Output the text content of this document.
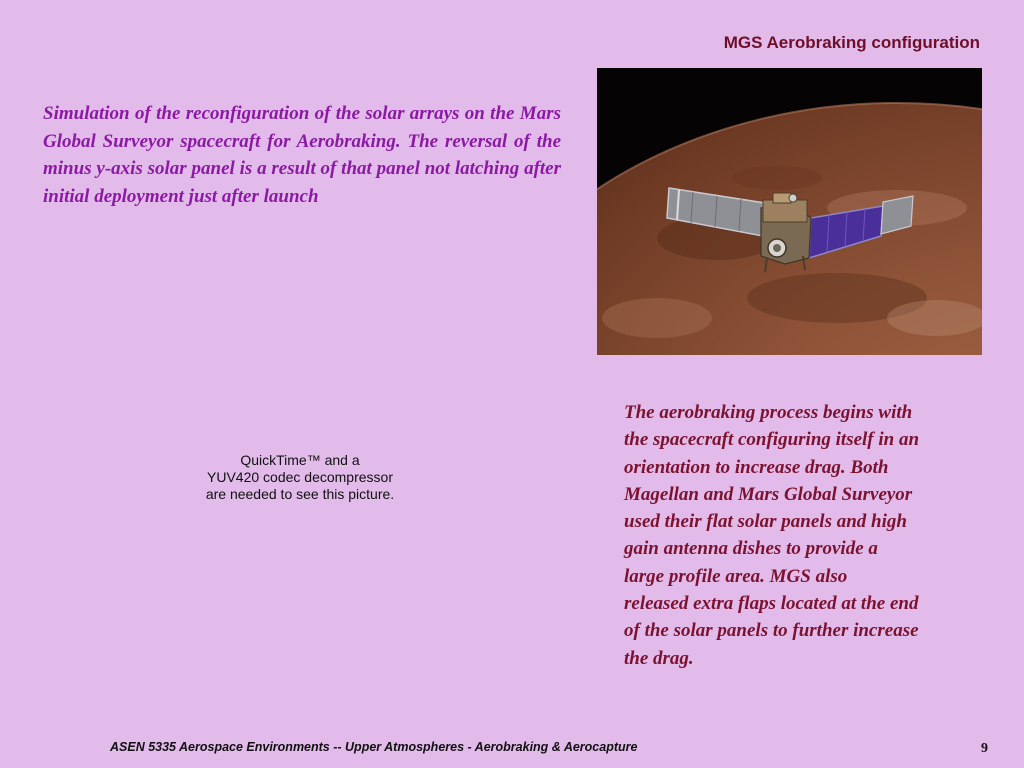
MGS Aerobraking configuration
Simulation of the reconfiguration of the solar arrays on the Mars Global Surveyor spacecraft for Aerobraking. The reversal of the minus y-axis solar panel is a result of that panel not latching after initial deployment just after launch
QuickTime™ and a
YUV420 codec decompressor
are needed to see this picture.
The aerobraking process begins with
the spacecraft configuring itself in an
orientation to increase drag. Both
Magellan and Mars Global Surveyor
used their flat solar panels and high
gain antenna dishes to provide a
large profile area. MGS also
released extra flaps located at the end
of the solar panels to further increase
the drag.
ASEN 5335 Aerospace Environments -- Upper Atmospheres - Aerobraking & Aerocapture	9
